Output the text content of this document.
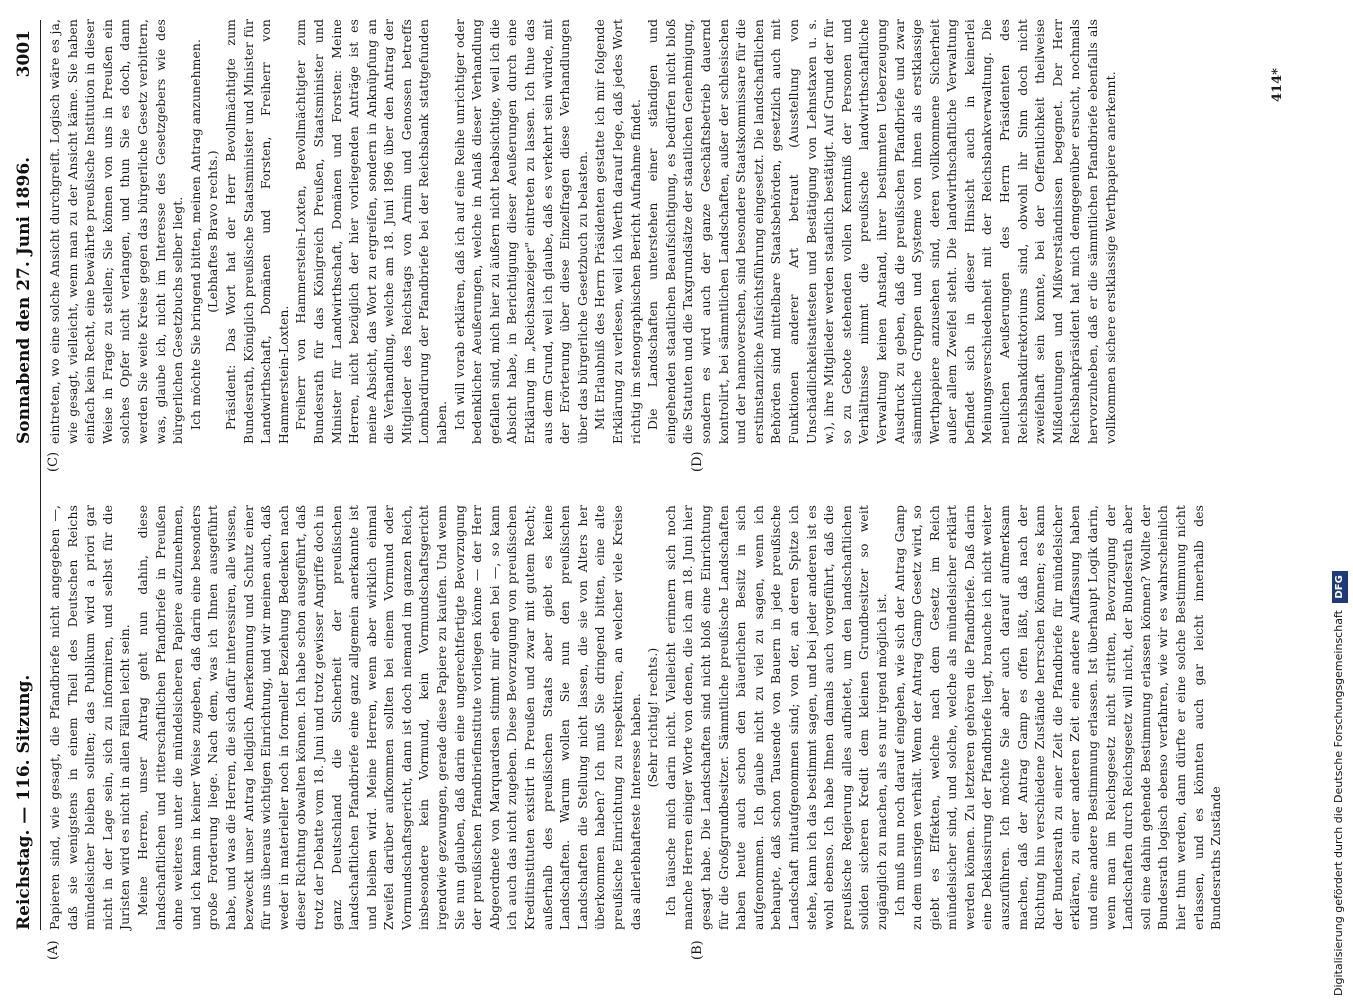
Reichstag. — 116. Sitzung.
Sonnabend den 27. Juni 1896.
3001
(A)	(B)
(C)	(D)

Papieren sind, wie gesagt, die Pfandbriefe nicht angegeben —, daß sie wenigstens in einem Theil des Deutschen Reichs mündelsicher bleiben sollten; das Publikum wird a priori gar nicht in der Lage sein, sich zu informiren, und selbst für die Juristen wird es nicht in allen Fällen leicht sein. Meine Herren, unser Antrag geht nun dahin, diese landschaftlichen und ritterschaftlichen Pfandbriefe in Preußen ohne weiteres unter die mündelsicheren Papiere aufzunehmen, und ich kann in keiner Weise zugeben, daß darin eine besonders große Forderung liege. Nach dem, was ich Ihnen ausgeführt habe, und was die Herren, die sich dafür interessiren, alle wissen, bezweckt unser Antrag lediglich Anerkennung und Schutz einer für uns überaus wichtigen Einrichtung, und wir meinen auch, daß weder in materieller noch in formeller Beziehung Bedenken nach dieser Richtung obwalten können. Ich habe schon ausgeführt, daß trotz der Debatte vom 18. Juni und trotz gewisser Angriffe doch in ganz Deutschland die Sicherheit der preußischen landschaftlichen Pfandbriefe eine ganz allgemein anerkannte ist und bleiben wird. Meine Herren, wenn aber wirklich einmal Zweifel darüber aufkommen sollten bei einem Vormund oder Vormundschaftsgericht, dann ist doch niemand im ganzen Reich, insbesondere kein Vormund, kein Vormundschaftsgericht irgendwie gezwungen, gerade diese Papiere zu kaufen. Und wenn Sie nun glauben, daß darin eine ungerechtfertigte Bevorzugung der preußischen Pfandbriefinstitute vorliegen könne — der Herr Abgeordnete von Marquardsen stimmt mir eben bei —, so kann ich auch das nicht zugeben. Diese Bevorzugung von preußischen Kreditinstituten existirt in Preußen und zwar mit gutem Recht; außerhalb des preußischen Staats aber giebt es keine Landschaften. Warum wollen Sie nun den preußischen Landschaften die Stellung nicht lassen, die sie von Alters her überkommen haben? Ich muß Sie dringend bitten, eine alte preußische Einrichtung zu respektiren, an welcher viele Kreise das allerlebhafteste Interesse haben. (Sehr richtig! rechts.) Ich täusche mich darin nicht. Vielleicht erinnern sich noch manche Herren einiger Worte von denen, die ich am 18. Juni hier gesagt habe. Die Landschaften sind nicht bloß eine Einrichtung für die Großgrundbesitzer. Sämmtliche preußische Landschaften haben heute auch schon den bäuerlichen Besitz in sich aufgenommen. Ich glaube nicht zu viel zu sagen, wenn ich behaupte, daß schon Tausende von Bauern in jede preußische Landschaft mitaufgenommen sind; von der, an deren Spitze ich stehe, kann ich das bestimmt sagen, und bei jeder anderen ist es wohl ebenso. Ich habe Ihnen damals auch vorgeführt, daß die preußische Regierung alles aufbietet, um den landschaftlichen soliden sicheren Kredit dem kleinen Grundbesitzer so weit zugänglich zu machen, als es nur irgend möglich ist. Ich muß nun noch darauf eingehen, wie sich der Antrag Gamp zu dem unsrigen verhält. Wenn der Antrag Gamp Gesetz wird, so giebt es Effekten, welche nach dem Gesetz im Reich mündelsicher sind, und solche, welche als mündelsicher erklärt werden können. Zu letzteren gehören die Pfandbriefe. Daß darin eine Deklassirung der Pfandbriefe liegt, brauche ich nicht weiter auszuführen. Ich möchte Sie aber auch darauf aufmerksam machen, daß der Antrag Gamp es offen läßt, daß nach der Richtung hin verschiedene Zustände herrschen können; es kann der Bundesrath zu einer Zeit die Pfandbriefe für mündelsicher erklären, zu einer anderen Zeit eine andere Auffassung haben und eine andere Bestimmung erlassen. Ist überhaupt Logik darin, wenn man im Reichsgesetz nicht stritten, Bevorzugung der Landschaften durch Reichsgesetz will nicht, der Bundesrath aber soll eine dahin gehende Bestimmung erlassen können? Wollte der Bundesrath logisch ebenso verfahren, wie wir es wahrscheinlich hier thun werden, dann dürfte er eine solche Bestimmung nicht erlassen, und es könnten auch gar leicht innerhalb des Bundesraths Zustände

eintreten, wo eine solche Ansicht durchgreift. Logisch wäre es ja, wie gesagt, vielleicht, wenn man zu der Ansicht käme. Sie haben einfach kein Recht, eine bewährte preußische Institution in dieser Weise in Frage zu stellen; Sie können von uns in Preußen ein solches Opfer nicht verlangen, und thun Sie es doch, dann werden Sie weite Kreise gegen das bürgerliche Gesetz verbittern, was, glaube ich, nicht im Interesse des Gesetzgebers wie des bürgerlichen Gesetzbuchs selber liegt. Ich möchte Sie bringend bitten, meinen Antrag anzunehmen. (Lebhaftes Bravo rechts.) Präsident: Das Wort hat der Herr Bevollmächtigte zum Bundesrath, Königlich preußische Staatsminister und Minister für Landwirthschaft, Domänen und Forsten, Freiherr von Hammerstein-Loxten. Freiherr von Hammerstein-Loxten, Bevollmächtigter zum Bundesrath für das Königreich Preußen, Staatsminister und Minister für Landwirthschaft, Domänen und Forsten: Meine Herren, nicht bezüglich der hier vorliegenden Anträge ist es meine Absicht, das Wort zu ergreifen, sondern in Anknüpfung an die Verhandlung, welche am 18. Juni 1896 über den Antrag der Mitglieder des Reichstags von Arnim und Genossen betreffs Lombardirung der Pfandbriefe bei der Reichsbank stattgefunden haben. Ich will vorab erklären, daß ich auf eine Reihe unrichtiger oder bedenklicher Aeußerungen, welche in Anlaß dieser Verhandlung gefallen sind, mich hier zu äußern nicht beabsichtige, weil ich die Absicht habe, in Berichtigung dieser Aeußerungen durch eine Erklärung im „Reichsanzeiger" eintreten zu lassen. Ich thue das aus dem Grund, weil ich glaube, daß es verkehrt sein würde, mit der Erörterung über diese Einzelfragen diese Verhandlungen über das bürgerliche Gesetzbuch zu belasten. Mit Erlaubniß des Herrn Präsidenten gestatte ich mir folgende Erklärung zu verlesen, weil ich Werth darauf lege, daß jedes Wort richtig im stenographischen Bericht Aufnahme findet. Die Landschaften unterstehen einer ständigen und eingehenden staatlichen Beaufsichtigung, es bedürfen nicht bloß die Statuten und die Taxgrundsätze der staatlichen Genehmigung, sondern es wird auch der ganze Geschäftsbetrieb dauernd kontrolirt, bei sämmtlichen Landschaften, außer der schlesischen und der hannoverschen, sind besondere Staatskommissare für die erstinstanzliche Aufsichtsführung eingesetzt. Die landschaftlichen Behörden sind mittelbare Staatsbehörden, gesetzlich auch mit Funktionen anderer Art betraut (Ausstellung von Unschädlichkeitsattesten und Bestätigung von Lehnstaxen u. s. w.), ihre Mitglieder werden staatlich bestätigt. Auf Grund der für so zu Gebote stehenden vollen Kenntniß der Personen und Verhältnisse nimmt die preußische landwirthschaftliche Verwaltung keinen Anstand, ihrer bestimmten Ueberzeugung Ausdruck zu geben, daß die preußischen Pfandbriefe und zwar sämmtliche Gruppen und Systeme von ihnen als erstklassige Werthpapiere anzusehen sind, deren vollkommene Sicherheit außer allem Zweifel steht. Die landwirthschaftliche Verwaltung befindet sich in dieser Hinsicht auch in keinerlei Meinungsverschiedenheit mit der Reichsbankverwaltung. Die neulichen Aeußerungen des Herrn Präsidenten des Reichsbankdirektoriums sind, obwohl ihr Sinn doch nicht zweifelhaft sein konnte, bei der Oeffentlichkeit theilweise Mißdeutungen und Mißverständnissen begegnet. Der Herr Reichsbankpräsident hat mich demgegenüber ersucht, nochmals hervorzuheben, daß er die sämmtlichen Pfandbriefe ebenfalls als vollkommen sichere erstklassige Werthpapiere anerkennt.	414*
Digitalisierung gefördert durch die Deutsche Forschungsgemeinschaft DFG
